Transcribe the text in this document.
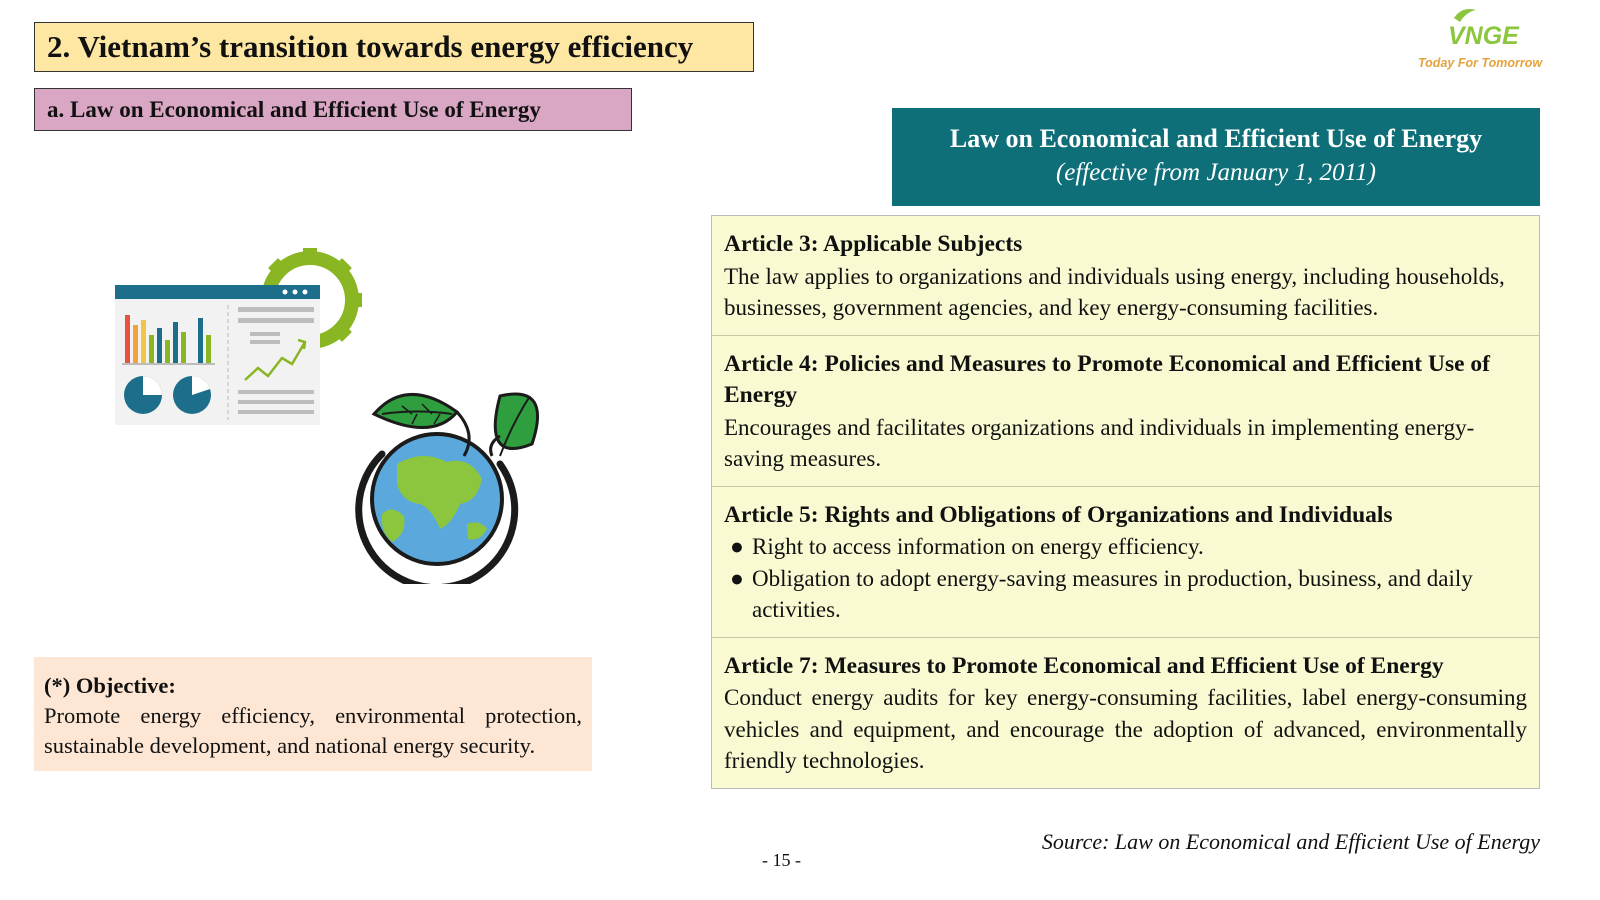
2. Vietnam’s transition towards energy efficiency
a. Law on Economical and Efficient Use of Energy
VNGE
Today For Tomorrow
Law on Economical and Efficient Use of Energy
(effective from January 1, 2011)
Article 3: Applicable Subjects
The law applies to organizations and individuals using energy, including households, businesses, government agencies, and key energy-consuming facilities.
Article 4: Policies and Measures to Promote Economical and Efficient Use of Energy
Encourages and facilitates organizations and individuals in implementing energy-saving measures.
Article 5: Rights and Obligations of Organizations and Individuals
● Right to access information on energy efficiency.
● Obligation to adopt energy-saving measures in production, business, and daily activities.
Article 7: Measures to Promote Economical and Efficient Use of Energy
Conduct energy audits for key energy-consuming facilities, label energy-consuming vehicles and equipment, and encourage the adoption of advanced, environmentally friendly technologies.
(*) Objective:
Promote energy efficiency, environmental protection, sustainable development, and national energy security.
Source: Law on Economical and Efficient Use of Energy
- 15 -
